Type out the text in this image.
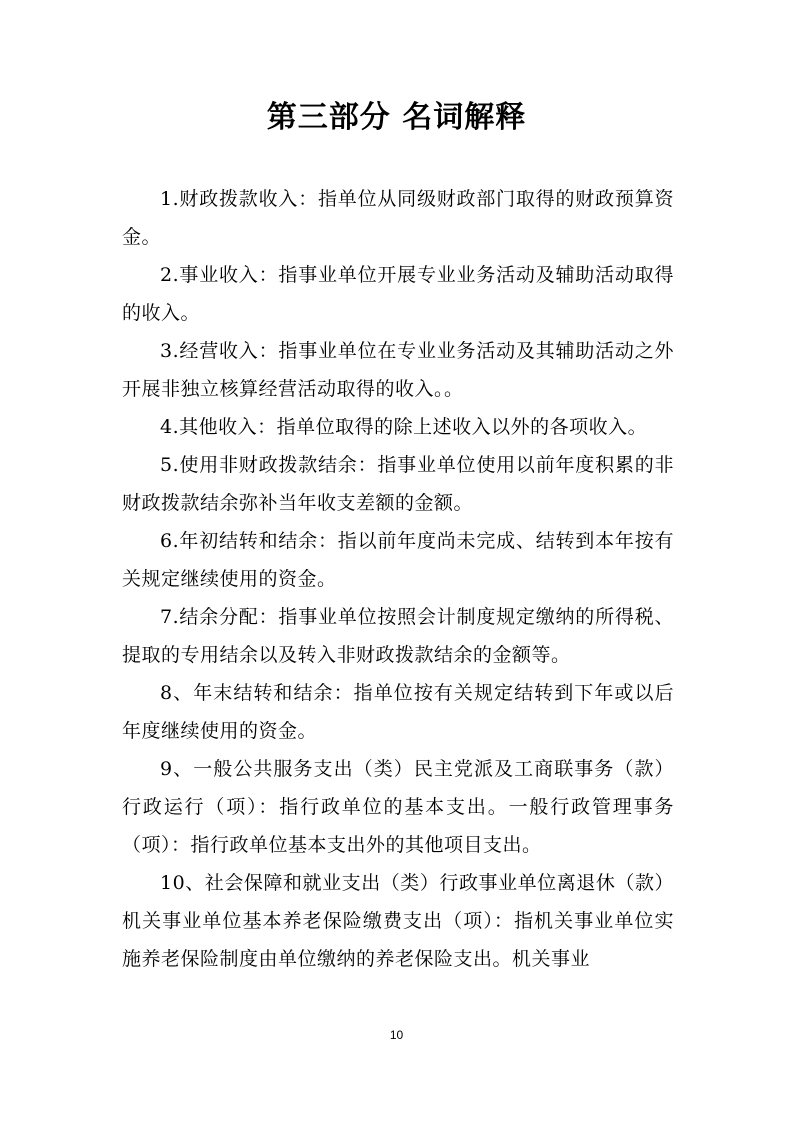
第三部分 名词解释

1.财政拨款收入：指单位从同级财政部门取得的财政预算资金。

2.事业收入：指事业单位开展专业业务活动及辅助活动取得的收入。

3.经营收入：指事业单位在专业业务活动及其辅助活动之外开展非独立核算经营活动取得的收入。。

4.其他收入：指单位取得的除上述收入以外的各项收入。

5.使用非财政拨款结余：指事业单位使用以前年度积累的非财政拨款结余弥补当年收支差额的金额。

6.年初结转和结余：指以前年度尚未完成、结转到本年按有关规定继续使用的资金。

7.结余分配：指事业单位按照会计制度规定缴纳的所得税、提取的专用结余以及转入非财政拨款结余的金额等。

8、年末结转和结余：指单位按有关规定结转到下年或以后年度继续使用的资金。

9、一般公共服务支出（类）民主党派及工商联事务（款）行政运行（项）：指行政单位的基本支出。一般行政管理事务（项）：指行政单位基本支出外的其他项目支出。

10、社会保障和就业支出（类）行政事业单位离退休（款）机关事业单位基本养老保险缴费支出（项）：指机关事业单位实施养老保险制度由单位缴纳的养老保险支出。机关事业

10
